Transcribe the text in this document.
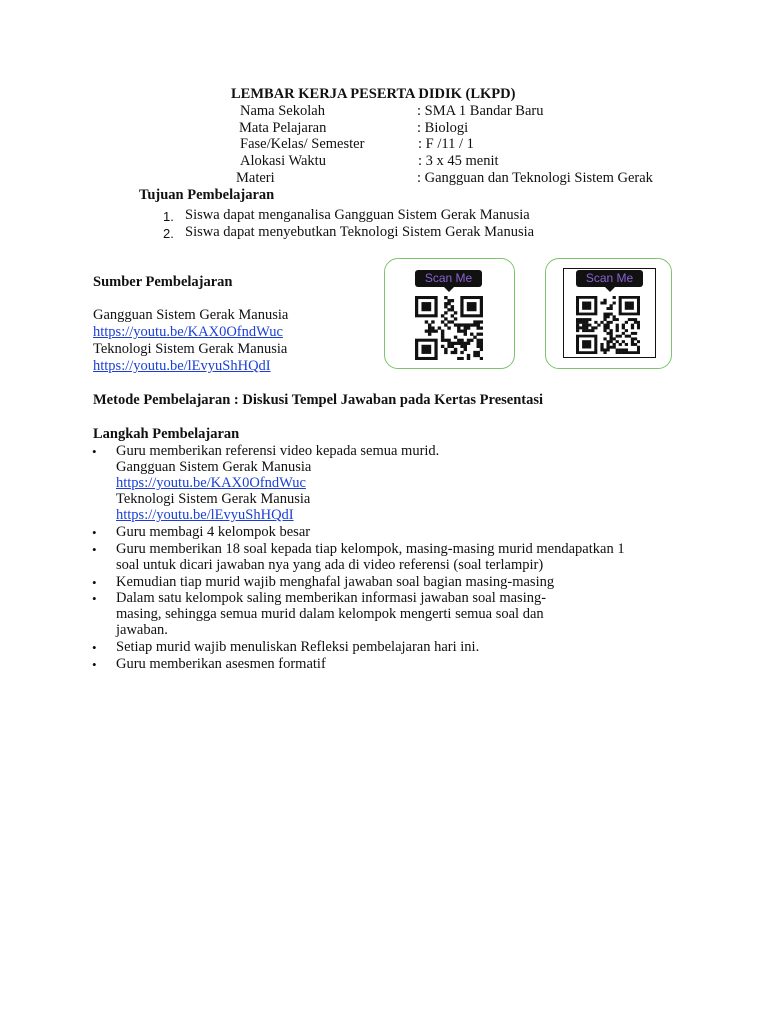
LEMBAR KERJA PESERTA DIDIK (LKPD)
Nama Sekolah	: SMA 1 Bandar Baru
Mata Pelajaran	: Biologi
Fase/Kelas/ Semester	: F /11 / 1
Alokasi Waktu	: 3 x 45 menit
Materi	: Gangguan dan Teknologi Sistem Gerak
Tujuan Pembelajaran
1. Siswa dapat menganalisa Gangguan Sistem Gerak Manusia
2. Siswa dapat menyebutkan Teknologi Sistem Gerak Manusia
Sumber Pembelajaran
Gangguan Sistem Gerak Manusia
https://youtu.be/KAX0OfndWuc
Teknologi Sistem Gerak Manusia
https://youtu.be/lEvyuShHQdI
Scan Me	Scan Me
Metode Pembelajaran : Diskusi Tempel Jawaban pada Kertas Presentasi
Langkah Pembelajaran
• Guru memberikan referensi video kepada semua murid.
Gangguan Sistem Gerak Manusia
https://youtu.be/KAX0OfndWuc
Teknologi Sistem Gerak Manusia
https://youtu.be/lEvyuShHQdI
• Guru membagi 4 kelompok besar
• Guru memberikan 18 soal kepada tiap kelompok, masing-masing murid mendapatkan 1
soal untuk dicari jawaban nya yang ada di video referensi (soal terlampir)
• Kemudian tiap murid wajib menghafal jawaban soal bagian masing-masing
• Dalam satu kelompok saling memberikan informasi jawaban soal masing-
masing, sehingga semua murid dalam kelompok mengerti semua soal dan
jawaban.
• Setiap murid wajib menuliskan Refleksi pembelajaran hari ini.
• Guru memberikan asesmen formatif
